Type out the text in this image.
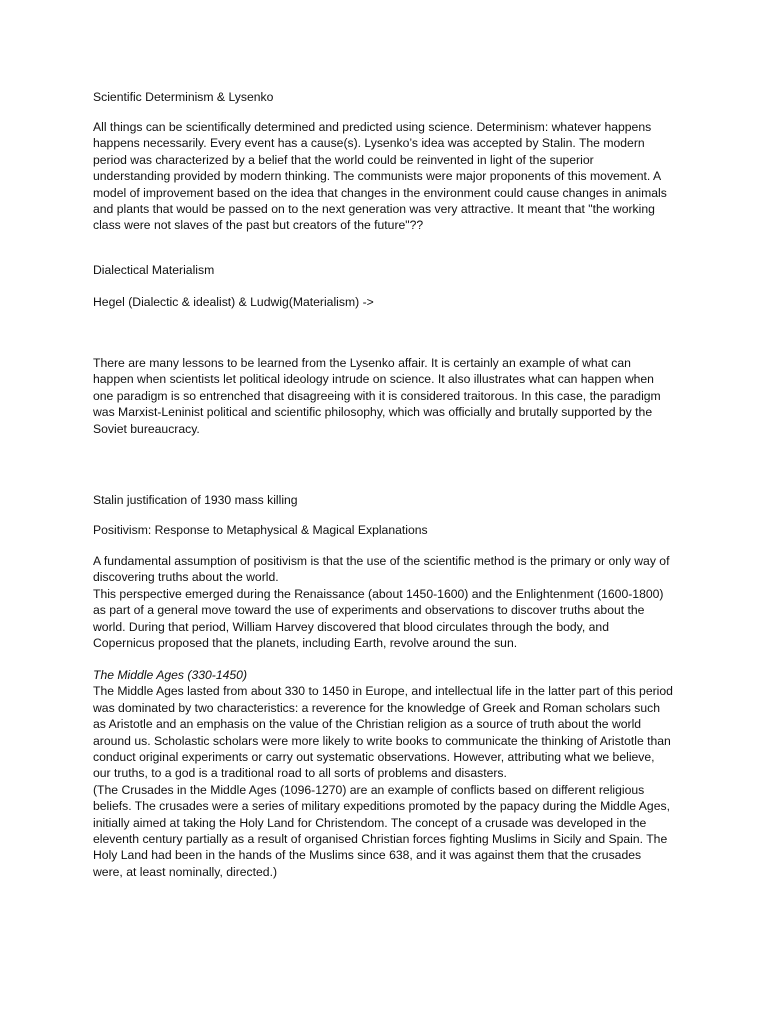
Scientific Determinism & Lysenko

All things can be scientifically determined and predicted using science. Determinism: whatever happens happens necessarily. Every event has a cause(s). Lysenko’s idea was accepted by Stalin. The modern period was characterized by a belief that the world could be reinvented in light of the superior understanding provided by modern thinking. The communists were major proponents of this movement. A model of improvement based on the idea that changes in the environment could cause changes in animals and plants that would be passed on to the next generation was very attractive. It meant that "the working class were not slaves of the past but creators of the future"??

Dialectical Materialism

Hegel (Dialectic & idealist) & Ludwig(Materialism) ->

There are many lessons to be learned from the Lysenko affair. It is certainly an example of what can happen when scientists let political ideology intrude on science. It also illustrates what can happen when one paradigm is so entrenched that disagreeing with it is considered traitorous. In this case, the paradigm was Marxist-Leninist political and scientific philosophy, which was officially and brutally supported by the Soviet bureaucracy.

Stalin justification of 1930 mass killing

Positivism: Response to Metaphysical & Magical Explanations

A fundamental assumption of positivism is that the use of the scientific method is the primary or only way of discovering truths about the world.
This perspective emerged during the Renaissance (about 1450-1600) and the Enlightenment (1600-1800) as part of a general move toward the use of experiments and observations to discover truths about the world. During that period, William Harvey discovered that blood circulates through the body, and Copernicus proposed that the planets, including Earth, revolve around the sun.
The Middle Ages (330-1450)
The Middle Ages lasted from about 330 to 1450 in Europe, and intellectual life in the latter part of this period was dominated by two characteristics: a reverence for the knowledge of Greek and Roman scholars such as Aristotle and an emphasis on the value of the Christian religion as a source of truth about the world around us. Scholastic scholars were more likely to write books to communicate the thinking of Aristotle than conduct original experiments or carry out systematic observations. However, attributing what we believe, our truths, to a god is a traditional road to all sorts of problems and disasters.
(The Crusades in the Middle Ages (1096-1270) are an example of conflicts based on different religious beliefs. The crusades were a series of military expeditions promoted by the papacy during the Middle Ages, initially aimed at taking the Holy Land for Christendom. The concept of a crusade was developed in the eleventh century partially as a result of organised Christian forces fighting Muslims in Sicily and Spain. The Holy Land had been in the hands of the Muslims since 638, and it was against them that the crusades were, at least nominally, directed.)
